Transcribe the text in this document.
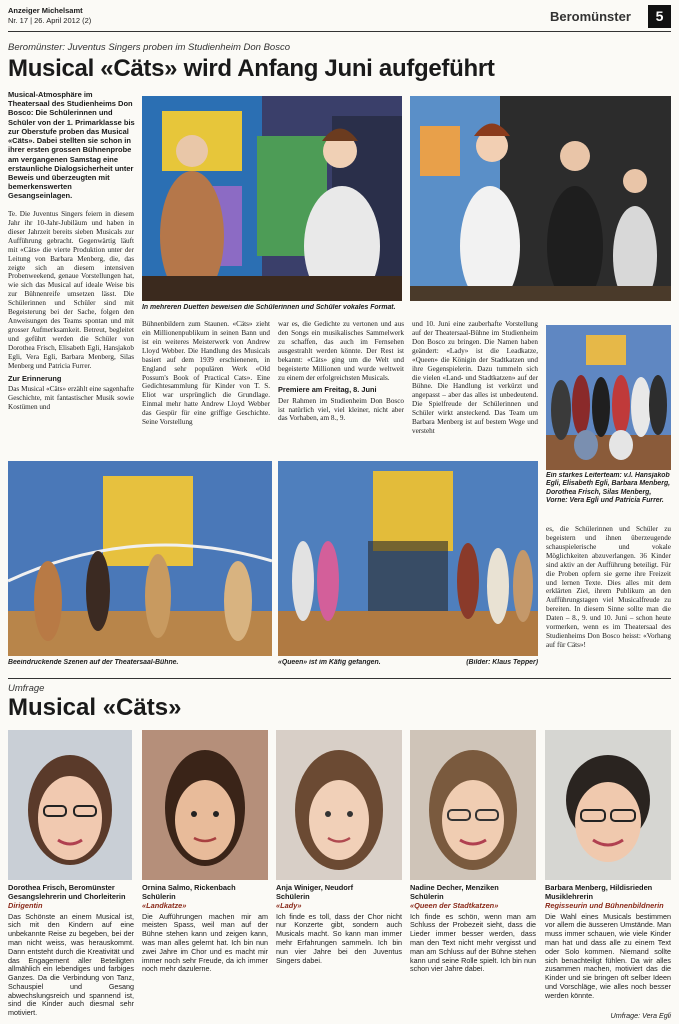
Anzeiger Michelsamt
Nr. 17 | 26. April 2012 (2)	Beromünster	5
Beromünster: Juventus Singers proben im Studienheim Don Bosco
Musical «Cäts» wird Anfang Juni aufgeführt
Musical-Atmosphäre im Theatersaal des Studienheims Don Bosco: Die Schülerinnen und Schüler von der 1. Primarklasse bis zur Oberstufe proben das Musical «Cäts». Dabei stellten sie schon in ihrer ersten grossen Bühnenprobe am vergangenen Samstag eine erstaunliche Dialogsicherheit unter Beweis und überzeugten mit bemerkenswerten Gesangseinlagen.
In mehreren Duetten beweisen die Schülerinnen und Schüler vokales Format.

Te. Die Juventus Singers feiern in diesem Jahr ihr 10-Jahr-Jubiläum und haben in dieser Jahrzeit bereits sieben Musicals zur Aufführung gebracht. Gegenwärtig läuft mit «Cäts» die vierte Produktion unter der Leitung von Barbara Menberg, die, das zeigte sich an diesem intensiven Probenweekend, genaue Vorstellungen hat, wie sich das Musical auf ideale Weise bis zur Bühnenreife umsetzen lässt. Die Schülerinnen und Schüler sind mit Begeisterung bei der Sache, folgen den Anweisungen des Teams spontan und mit grosser Aufmerksamkeit. Betreut, begleitet und geführt werden die Schüler von Dorothea Frisch, Elisabeth Egli, Hansjakob Egli, Vera Egli, Barbara Menberg, Silas Menberg und Patricia Furrer.

Zur Erinnerung

Das Musical «Cäts» erzählt eine sagenhafte Geschichte, mit fantastischer Musik sowie Kostümen und

Bühnenbildern zum Staunen. «Cäts» zieht ein Millionenpublikum in seinen Bann und ist ein weiteres Meisterwerk von Andrew Lloyd Webber. Die Handlung des Musicals basiert auf dem 1939 erschienenen, in England sehr populären Werk «Old Possum's Book of Practical Cats». Eine Gedichtesammlung für Kinder von T. S. Eliot war ursprünglich die Grundlage. Einmal mehr hatte Andrew Lloyd Webber das Gespür für eine griffige Geschichte. Seine Vorstellung

war es, die Gedichte zu vertonen und aus den Songs ein musikalisches Sammelwerk zu schaffen, das auch im Fernsehen ausgestrahlt werden könnte. Der Rest ist bekannt: «Cäts» ging um die Welt und begeisterte Millionen und wurde weltweit zu einem der erfolgreichsten Musicals.

Premiere am Freitag, 8. Juni

Der Rahmen im Studienheim Don Bosco ist natürlich viel, viel kleiner, nicht aber das Vorhaben, am 8., 9.

und 10. Juni eine zauberhafte Vorstellung auf der Theatersaal-Bühne im Studienheim Don Bosco zu bringen. Die Namen haben geändert: «Lady» ist die Leadkatze, «Queen» die Königin der Stadtkatzen und ihre Gegenspielerin. Dazu tummeln sich die vielen «Land- und Stadtkatzen» auf der Bühne. Die Handlung ist verkürzt und angepasst – aber das alles ist unbedeutend. Die Spielfreude der Schülerinnen und Schüler wirkt ansteckend. Das Team um Barbara Menberg ist auf bestem Wege und versteht

Ein starkes Leiterteam: v.l. Hansjakob Egli, Elisabeth Egli, Barbara Menberg, Dorothea Frisch, Silas Menberg, Vorne: Vera Egli und Patricia Furrer.
Beeindruckende Szenen auf der Theatersaal-Bühne.	«Queen» ist im Käfig gefangen.	(Bilder: Klaus Tepper)

es, die Schülerinnen und Schüler zu begeistern und ihnen überzeugende schauspielerische und vokale Möglichkeiten abzuverlangen. 36 Kinder sind aktiv an der Aufführung beteiligt. Für die Proben opfern sie gerne ihre Freizeit und lernen Texte. Dies alles mit dem erklärten Ziel, ihrem Publikum an den Aufführungstagen viel Musicalfreude zu bereiten. In diesem Sinne sollte man die Daten – 8., 9. und 10. Juni – schon heute vormerken, wenn es im Theatersaal des Studienheims Don Bosco heisst: «Vorhang auf für Cäts»!

Umfrage
Musical «Cäts»
Dorothea Frisch, Beromünster
Gesangslehrerin und Chorleiterin
Dirigentin
Das Schönste an einem Musical ist, sich mit den Kindern auf eine unbekannte Reise zu begeben, bei der man nicht weiss, was herauskommt. Dann entsteht durch die Kreativität und das Engagement aller Beteiligten allmählich ein lebendiges und farbiges Ganzes. Da die Verbindung von Tanz, Schauspiel und Gesang abwechslungsreich und spannend ist, sind die Kinder auch diesmal sehr motiviert.
Ornina Salmo, Rickenbach
Schülerin
«Landkatze»
Die Aufführungen machen mir am meisten Spass, weil man auf der Bühne stehen kann und zeigen kann, was man alles gelernt hat. Ich bin nun zwei Jahre im Chor und es macht mir immer noch sehr Freude, da ich immer noch mehr dazulerne.
Anja Winiger, Neudorf
Schülerin
«Lady»
Ich finde es toll, dass der Chor nicht nur Konzerte gibt, sondern auch Musicals macht. So kann man immer mehr Erfahrungen sammeln. Ich bin nun vier Jahre bei den Juventus Singers dabei.
Nadine Decher, Menziken
Schülerin
«Queen der Stadtkatzen»
Ich finde es schön, wenn man am Schluss der Probezeit sieht, dass die Lieder immer besser werden, dass man den Text nicht mehr vergisst und man am Schluss auf der Bühne stehen kann und seine Rolle spielt. Ich bin nun schon vier Jahre dabei.
Barbara Menberg, Hildisrieden
Musiklehrerin
Regisseurin und Bühnenbildnerin
Die Wahl eines Musicals bestimmen vor allem die äusseren Umstände. Man muss immer schauen, wie viele Kinder man hat und dass alle zu einem Text oder Solo kommen. Niemand sollte sich benachteiligt fühlen. Da wir alles zusammen machen, motiviert das die Kinder und sie bringen oft selber Ideen und Vorschläge, wie alles noch besser werden könnte.
Umfrage: Vera Egli
